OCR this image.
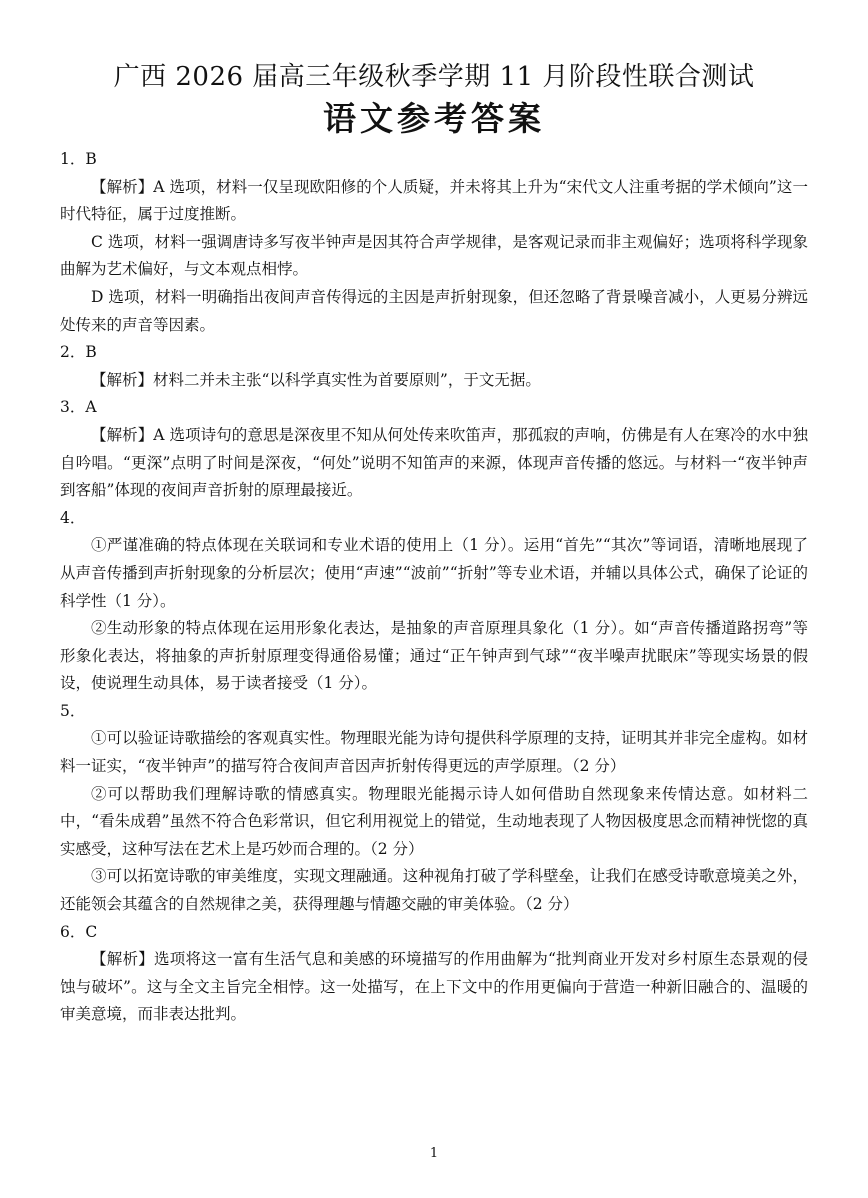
广西 2026 届高三年级秋季学期 11 月阶段性联合测试
语文参考答案

1．B

【解析】A 选项，材料一仅呈现欧阳修的个人质疑，并未将其上升为“宋代文人注重考据的学术倾向”这一时代特征，属于过度推断。

C 选项，材料一强调唐诗多写夜半钟声是因其符合声学规律，是客观记录而非主观偏好；选项将科学现象曲解为艺术偏好，与文本观点相悖。

D 选项，材料一明确指出夜间声音传得远的主因是声折射现象，但还忽略了背景噪音减小，人更易分辨远处传来的声音等因素。

2．B

【解析】材料二并未主张“以科学真实性为首要原则”，于文无据。

3．A

【解析】A 选项诗句的意思是深夜里不知从何处传来吹笛声，那孤寂的声响，仿佛是有人在寒冷的水中独自吟唱。“更深”点明了时间是深夜，“何处”说明不知笛声的来源，体现声音传播的悠远。与材料一“夜半钟声到客船”体现的夜间声音折射的原理最接近。

4．

①严谨准确的特点体现在关联词和专业术语的使用上（1 分）。运用“首先”“其次”等词语，清晰地展现了从声音传播到声折射现象的分析层次；使用“声速”“波前”“折射”等专业术语，并辅以具体公式，确保了论证的科学性（1 分）。

②生动形象的特点体现在运用形象化表达，是抽象的声音原理具象化（1 分）。如“声音传播道路拐弯”等形象化表达，将抽象的声折射原理变得通俗易懂；通过“正午钟声到气球”“夜半噪声扰眠床”等现实场景的假设，使说理生动具体，易于读者接受（1 分）。

5．

①可以验证诗歌描绘的客观真实性。物理眼光能为诗句提供科学原理的支持，证明其并非完全虚构。如材料一证实，“夜半钟声”的描写符合夜间声音因声折射传得更远的声学原理。（2 分）

②可以帮助我们理解诗歌的情感真实。物理眼光能揭示诗人如何借助自然现象来传情达意。如材料二中，“看朱成碧”虽然不符合色彩常识，但它利用视觉上的错觉，生动地表现了人物因极度思念而精神恍惚的真实感受，这种写法在艺术上是巧妙而合理的。（2 分）

③可以拓宽诗歌的审美维度，实现文理融通。这种视角打破了学科壁垒，让我们在感受诗歌意境美之外，还能领会其蕴含的自然规律之美，获得理趣与情趣交融的审美体验。（2 分）

6．C

【解析】选项将这一富有生活气息和美感的环境描写的作用曲解为“批判商业开发对乡村原生态景观的侵蚀与破坏”。这与全文主旨完全相悖。这一处描写，在上下文中的作用更偏向于营造一种新旧融合的、温暖的审美意境，而非表达批判。

1
